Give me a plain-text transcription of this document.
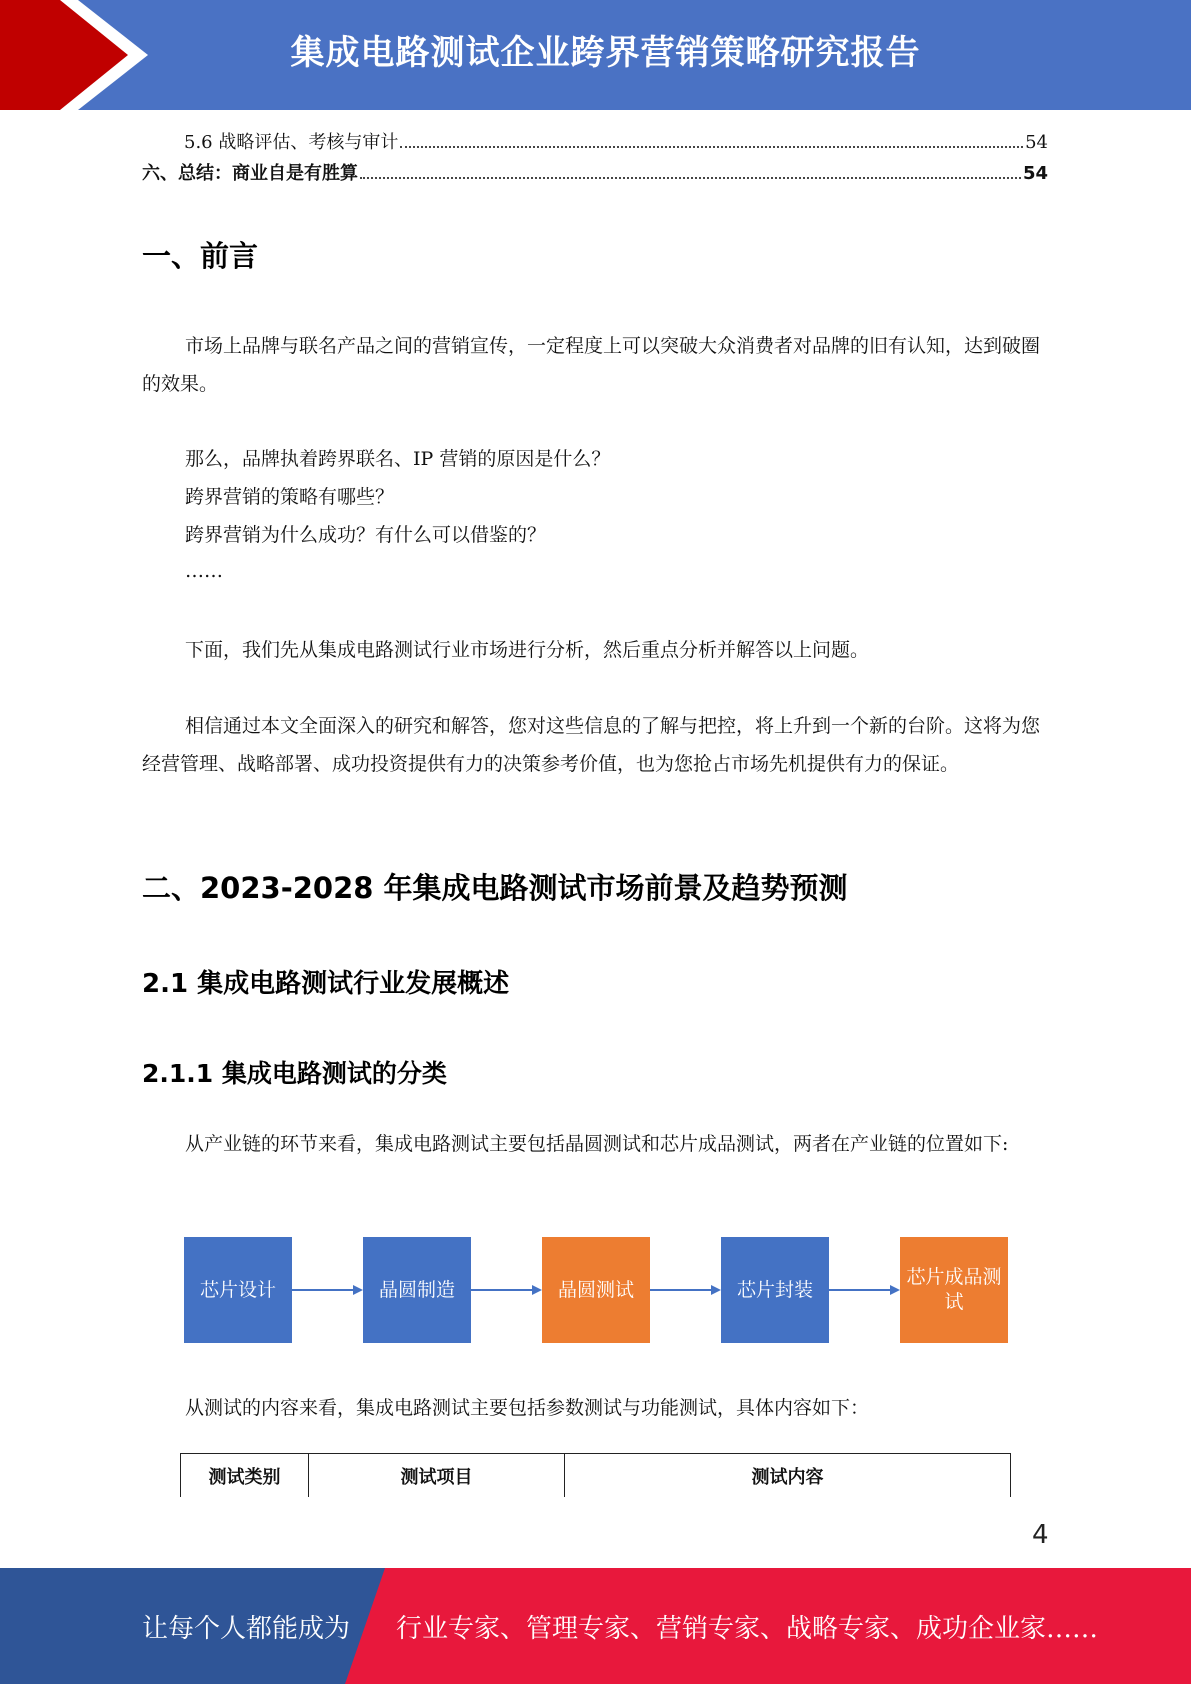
集成电路测试企业跨界营销策略研究报告
5.6 战略评估、考核与审计	54
六、总结：商业自是有胜算	54
一、前言
市场上品牌与联名产品之间的营销宣传，一定程度上可以突破大众消费者对品牌的旧有认知，达到破圈的效果。
那么，品牌执着跨界联名、IP 营销的原因是什么？
跨界营销的策略有哪些？
跨界营销为什么成功？有什么可以借鉴的？
……
下面，我们先从集成电路测试行业市场进行分析，然后重点分析并解答以上问题。
相信通过本文全面深入的研究和解答，您对这些信息的了解与把控，将上升到一个新的台阶。这将为您经营管理、战略部署、成功投资提供有力的决策参考价值，也为您抢占市场先机提供有力的保证。
二、2023-2028 年集成电路测试市场前景及趋势预测
2.1 集成电路测试行业发展概述
2.1.1 集成电路测试的分类
从产业链的环节来看，集成电路测试主要包括晶圆测试和芯片成品测试，两者在产业链的位置如下:
芯片设计	晶圆制造	晶圆测试	芯片封装
芯片成品测试
从测试的内容来看，集成电路测试主要包括参数测试与功能测试，具体内容如下：
测试类别	测试项目	测试内容
4
让每个人都能成为 行业专家、管理专家、营销专家、战略专家、成功企业家……
